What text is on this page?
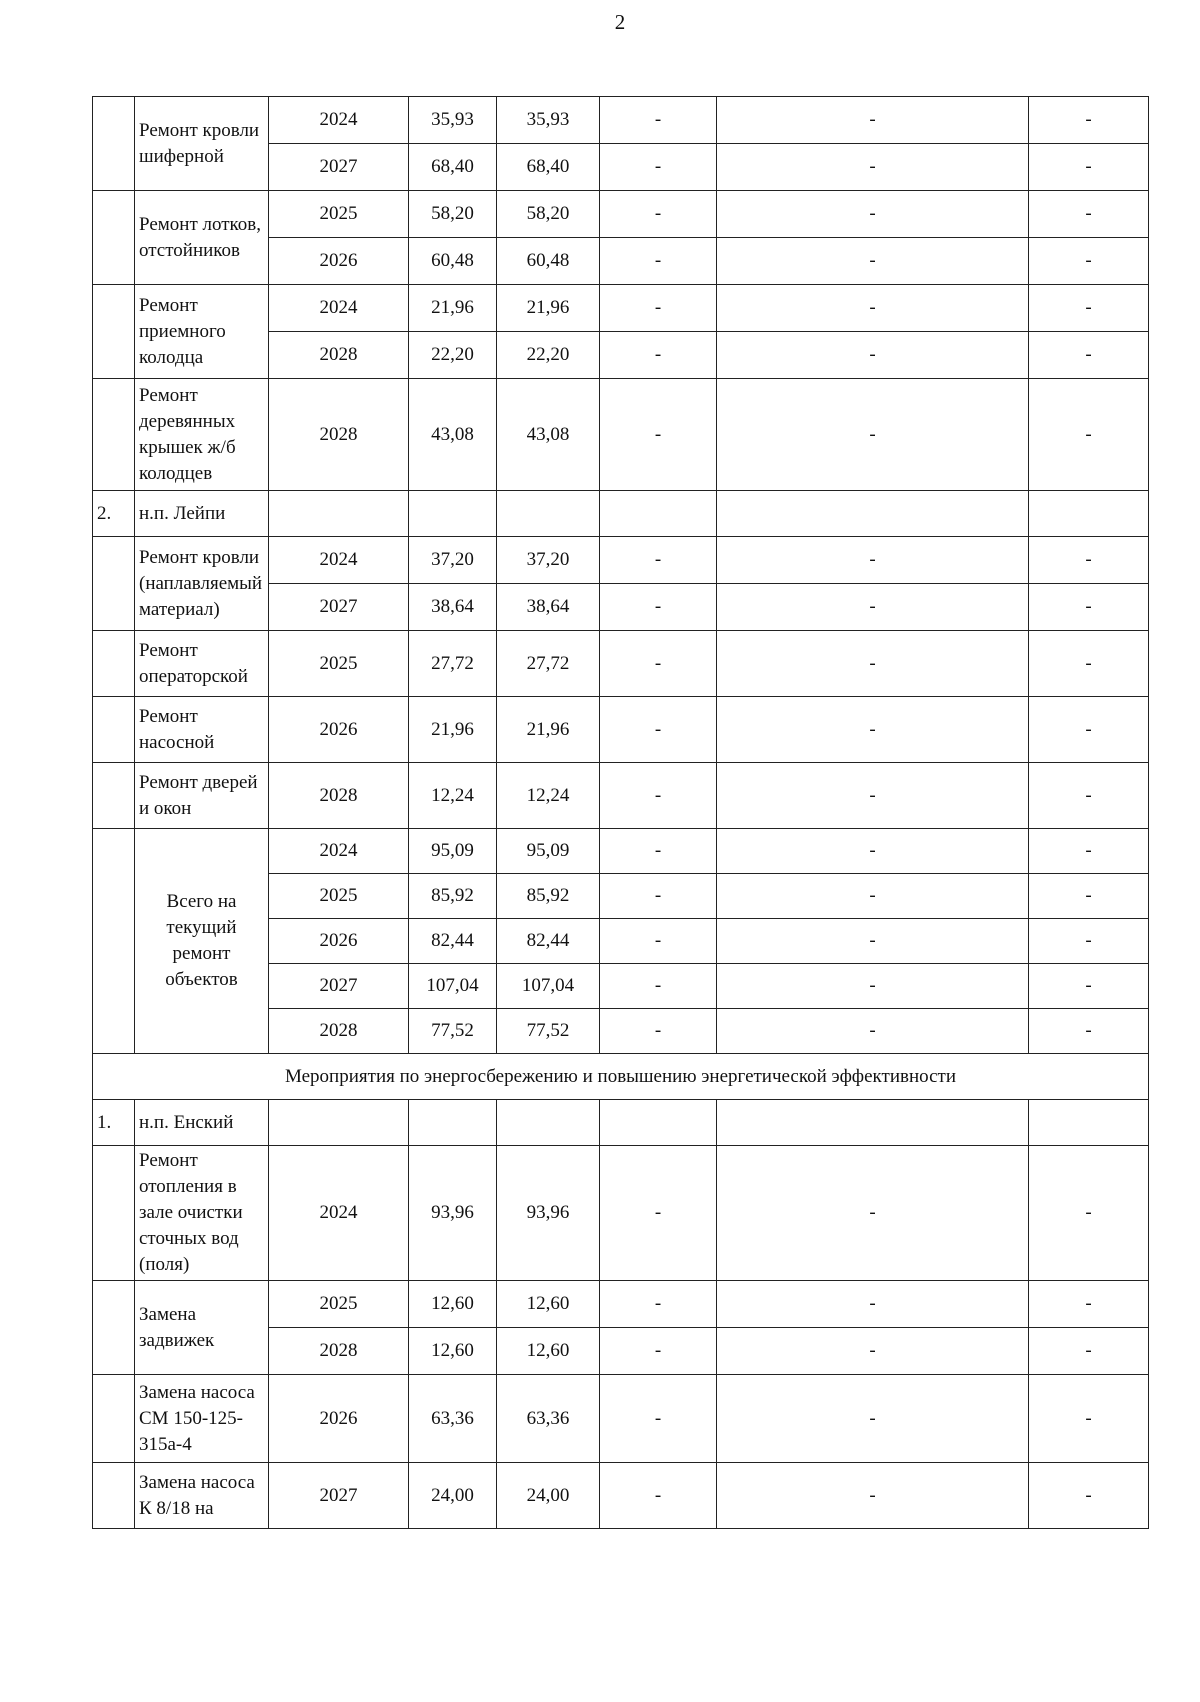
2
	Ремонт кровли шиферной	2024	35,93	35,93	-	-	-
		2027	68,40	68,40	-	-	-
	Ремонт лотков, отстойников	2025	58,20	58,20	-	-	-
		2026	60,48	60,48	-	-	-
	Ремонт приемного колодца	2024	21,96	21,96	-	-	-
		2028	22,20	22,20	-	-	-
	Ремонт деревянных крышек ж/б колодцев	2028	43,08	43,08	-	-	-
2.	н.п. Лейпи						
	Ремонт кровли (наплавляемый материал)	2024	37,20	37,20	-	-	-
		2027	38,64	38,64	-	-	-
	Ремонт операторской	2025	27,72	27,72	-	-	-
	Ремонт насосной	2026	21,96	21,96	-	-	-
	Ремонт дверей и окон	2028	12,24	12,24	-	-	-
	Всего на текущий ремонт объектов	2024	95,09	95,09	-	-	-
		2025	85,92	85,92	-	-	-
		2026	82,44	82,44	-	-	-
		2027	107,04	107,04	-	-	-
		2028	77,52	77,52	-	-	-
Мероприятия по энергосбережению и повышению энергетической эффективности							
1.	н.п. Енский						
	Ремонт отопления в зале очистки сточных вод (поля)	2024	93,96	93,96	-	-	-
	Замена задвижек	2025	12,60	12,60	-	-	-
		2028	12,60	12,60	-	-	-
	Замена насоса СМ 150-125-315а-4	2026	63,36	63,36	-	-	-
	Замена насоса К 8/18 на	2027	24,00	24,00	-	-	-
